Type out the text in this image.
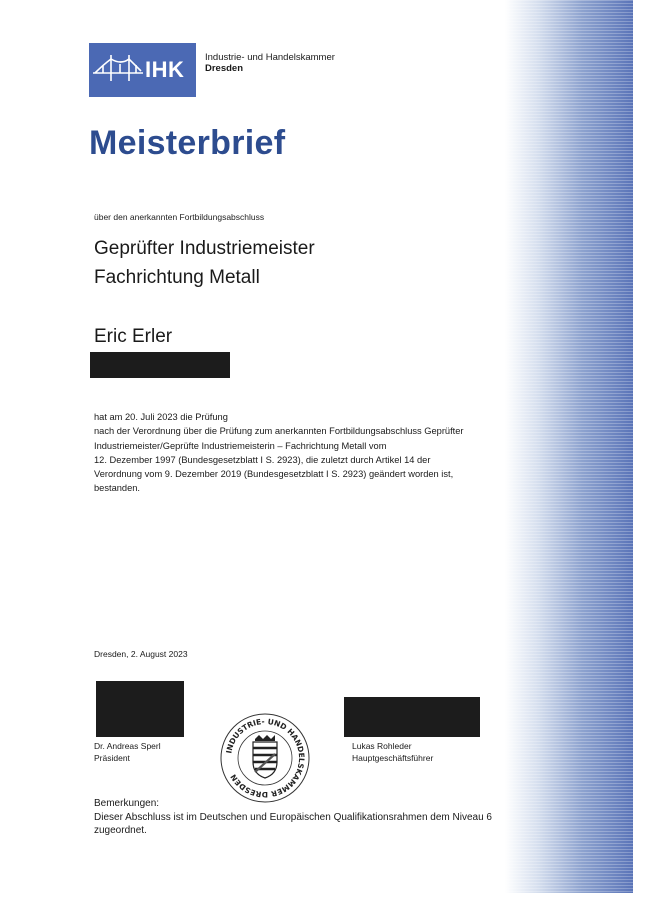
IHK Industrie- und Handelskammer
Dresden
Meisterbrief
über den anerkannten Fortbildungsabschluss
Geprüfter Industriemeister
Fachrichtung Metall
Eric Erler
hat am 20. Juli 2023 die Prüfung
nach der Verordnung über die Prüfung zum anerkannten Fortbildungsabschluss Geprüfter
Industriemeister/Geprüfte Industriemeisterin – Fachrichtung Metall vom
12. Dezember 1997 (Bundesgesetzblatt I S. 2923), die zuletzt durch Artikel 14 der
Verordnung vom 9. Dezember 2019 (Bundesgesetzblatt I S. 2923) geändert worden ist,
bestanden.
Dresden, 2. August 2023
Dr. Andreas Sperl
Präsident
Lukas Rohleder
Hauptgeschäftsführer
INDUSTRIE- UND HANDELSKAMMER DRESDEN
Bemerkungen:
Dieser Abschluss ist im Deutschen und Europäischen Qualifikationsrahmen dem Niveau 6
zugeordnet.
